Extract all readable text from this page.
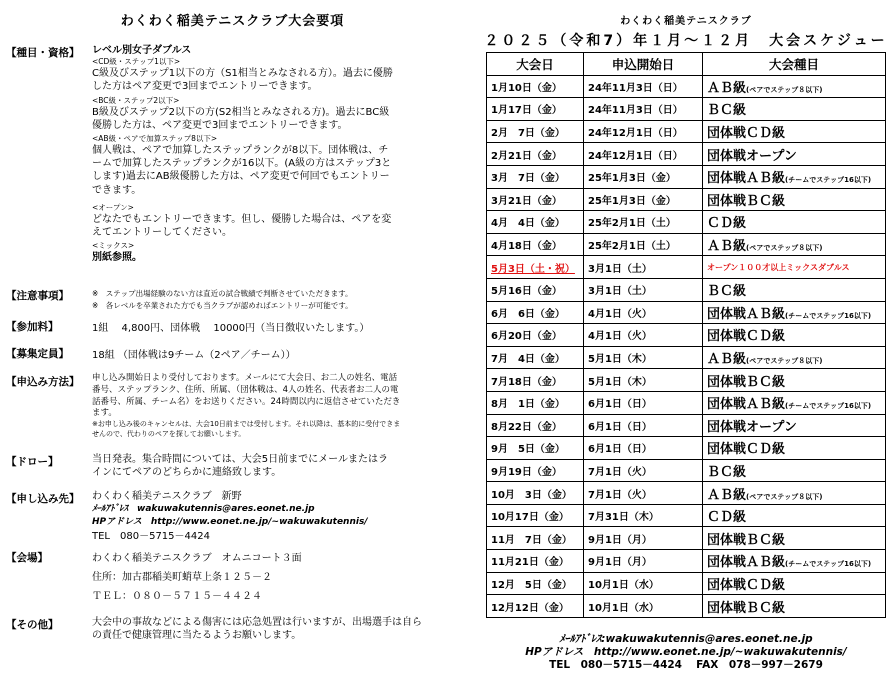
わくわく稲美テニスクラブ大会要項
【種目・資格】 レベル別女子ダブルス
<CD級・ステップ1以下>
C級及びステップ1以下の方（S1相当とみなされる方）。過去に優勝した方はペア変更で3回までエントリーできます。
<BC級・ステップ2以下>
B級及びステップ2以下の方(S2相当とみなされる方)。過去にBC級優勝した方は、ペア変更で3回までエントリーできます。
<AB級・ペアで加算ステップ8以下>
個人戦は、ペアで加算したステップランクが8以下。団体戦は、チームで加算したステップランクが16以下。(A級の方はステップ3とします)過去にAB級優勝した方は、ペア変更で何回でもエントリーできます。
<オープン>
どなたでもエントリーできます。但し、優勝した場合は、ペアを変えてエントリーしてください。
<ミックス>
別紙参照。
【注意事項】	※　ステップ出場経験のない方は直近の試合戦績で判断させていただきます。
※　各レベルを卒業された方でも当クラブが認めればエントリーが可能です。
【参加料】	1組　 4,800円、団体戦　 10000円（当日徴収いたします。）
【募集定員】 18組 （団体戦は9チーム（2ペア／チーム））
【申込み方法】 申し込み開始日より受付しております。メールにて大会日、お二人の姓名、電話番号、ステップランク、住所、所属、（団体戦は、4人の姓名、代表者お二人の電話番号、所属、チーム名）をお送りください。24時間以内に返信させていただきます。
※お申し込み後のキャンセルは、大会10日前までは受付します。それ以降は、基本的に受付できませんので、代わりのペアを探してお願いします。
【ドロー】	当日発表。集合時間については、大会5日前までにメールまたはラインにてペアのどちらかに連絡致します。
【申し込み先】 わくわく稲美テニスクラブ　新野
ﾒｰﾙｱﾄﾞﾚｽ　wakuwakutennis@ares.eonet.ne.jp
HPアドレス　http://www.eonet.ne.jp/~wakuwakutennis/
TEL　080－5715－4424
【会場】	わくわく稲美テニスクラブ　オムニコート３面
住所：加古郡稲美町蛸草上条１２５－２
ＴＥＬ：０８０－５７１５－４４２４
【その他】	大会中の事故などによる傷害には応急処置は行いますが、出場選手は自らの責任で健康管理に当たるようお願いします。
わくわく稲美テニスクラブ
２０２５（令和7）年１月～１２月　大会スケジュー
大会日	申込開始日	大会種目
1月10日（金）	24年11月3日（日）	ＡＢ級(ペアでステップ８以下)
1月17日（金）	24年11月3日（日）	ＢＣ級
2月　7日（金）	24年12月1日（日）	団体戦ＣＤ級
2月21日（金）	24年12月1日（日）	団体戦オープン
3月　7日（金）	25年1月3日（金）	団体戦ＡＢ級(チームでステップ16以下)
3月21日（金）	25年1月3日（金）	団体戦ＢＣ級
4月　4日（金）	25年2月1日（土）	ＣＤ級
4月18日（金）	25年2月1日（土）	ＡＢ級(ペアでステップ８以下)
5月3日（土・祝）	3月1日（土）	オープン１００才以上ミックスダブルス
5月16日（金）	3月1日（土）	ＢＣ級
6月　6日（金）	4月1日（火）	団体戦ＡＢ級(チームでステップ16以下)
6月20日（金）	4月1日（火）	団体戦ＣＤ級
7月　4日（金）	5月1日（木）	ＡＢ級(ペアでステップ８以下)
7月18日（金）	5月1日（木）	団体戦ＢＣ級
8月　1日（金）	6月1日（日）	団体戦ＡＢ級(チームでステップ16以下)
8月22日（金）	6月1日（日）	団体戦オープン
9月　5日（金）	6月1日（日）	団体戦ＣＤ級
9月19日（金）	7月1日（火）	ＢＣ級
10月　3日（金）	7月1日（火）	ＡＢ級(ペアでステップ８以下)
10月17日（金）	7月31日（木）	ＣＤ級
11月　7日（金）	9月1日（月）	団体戦ＢＣ級
11月21日（金）	9月1日（月）	団体戦ＡＢ級(チームでステップ16以下)
12月　5日（金）	10月1日（水）	団体戦ＣＤ級
12月12日（金）	10月1日（水）	団体戦ＢＣ級
ﾒｰﾙｱﾄﾞﾚｽ:wakuwakutennis@ares.eonet.ne.jp
HPアドレス　http://www.eonet.ne.jp/~wakuwakutennis/
TEL　080－5715－4424　 FAX　078－997－2679
